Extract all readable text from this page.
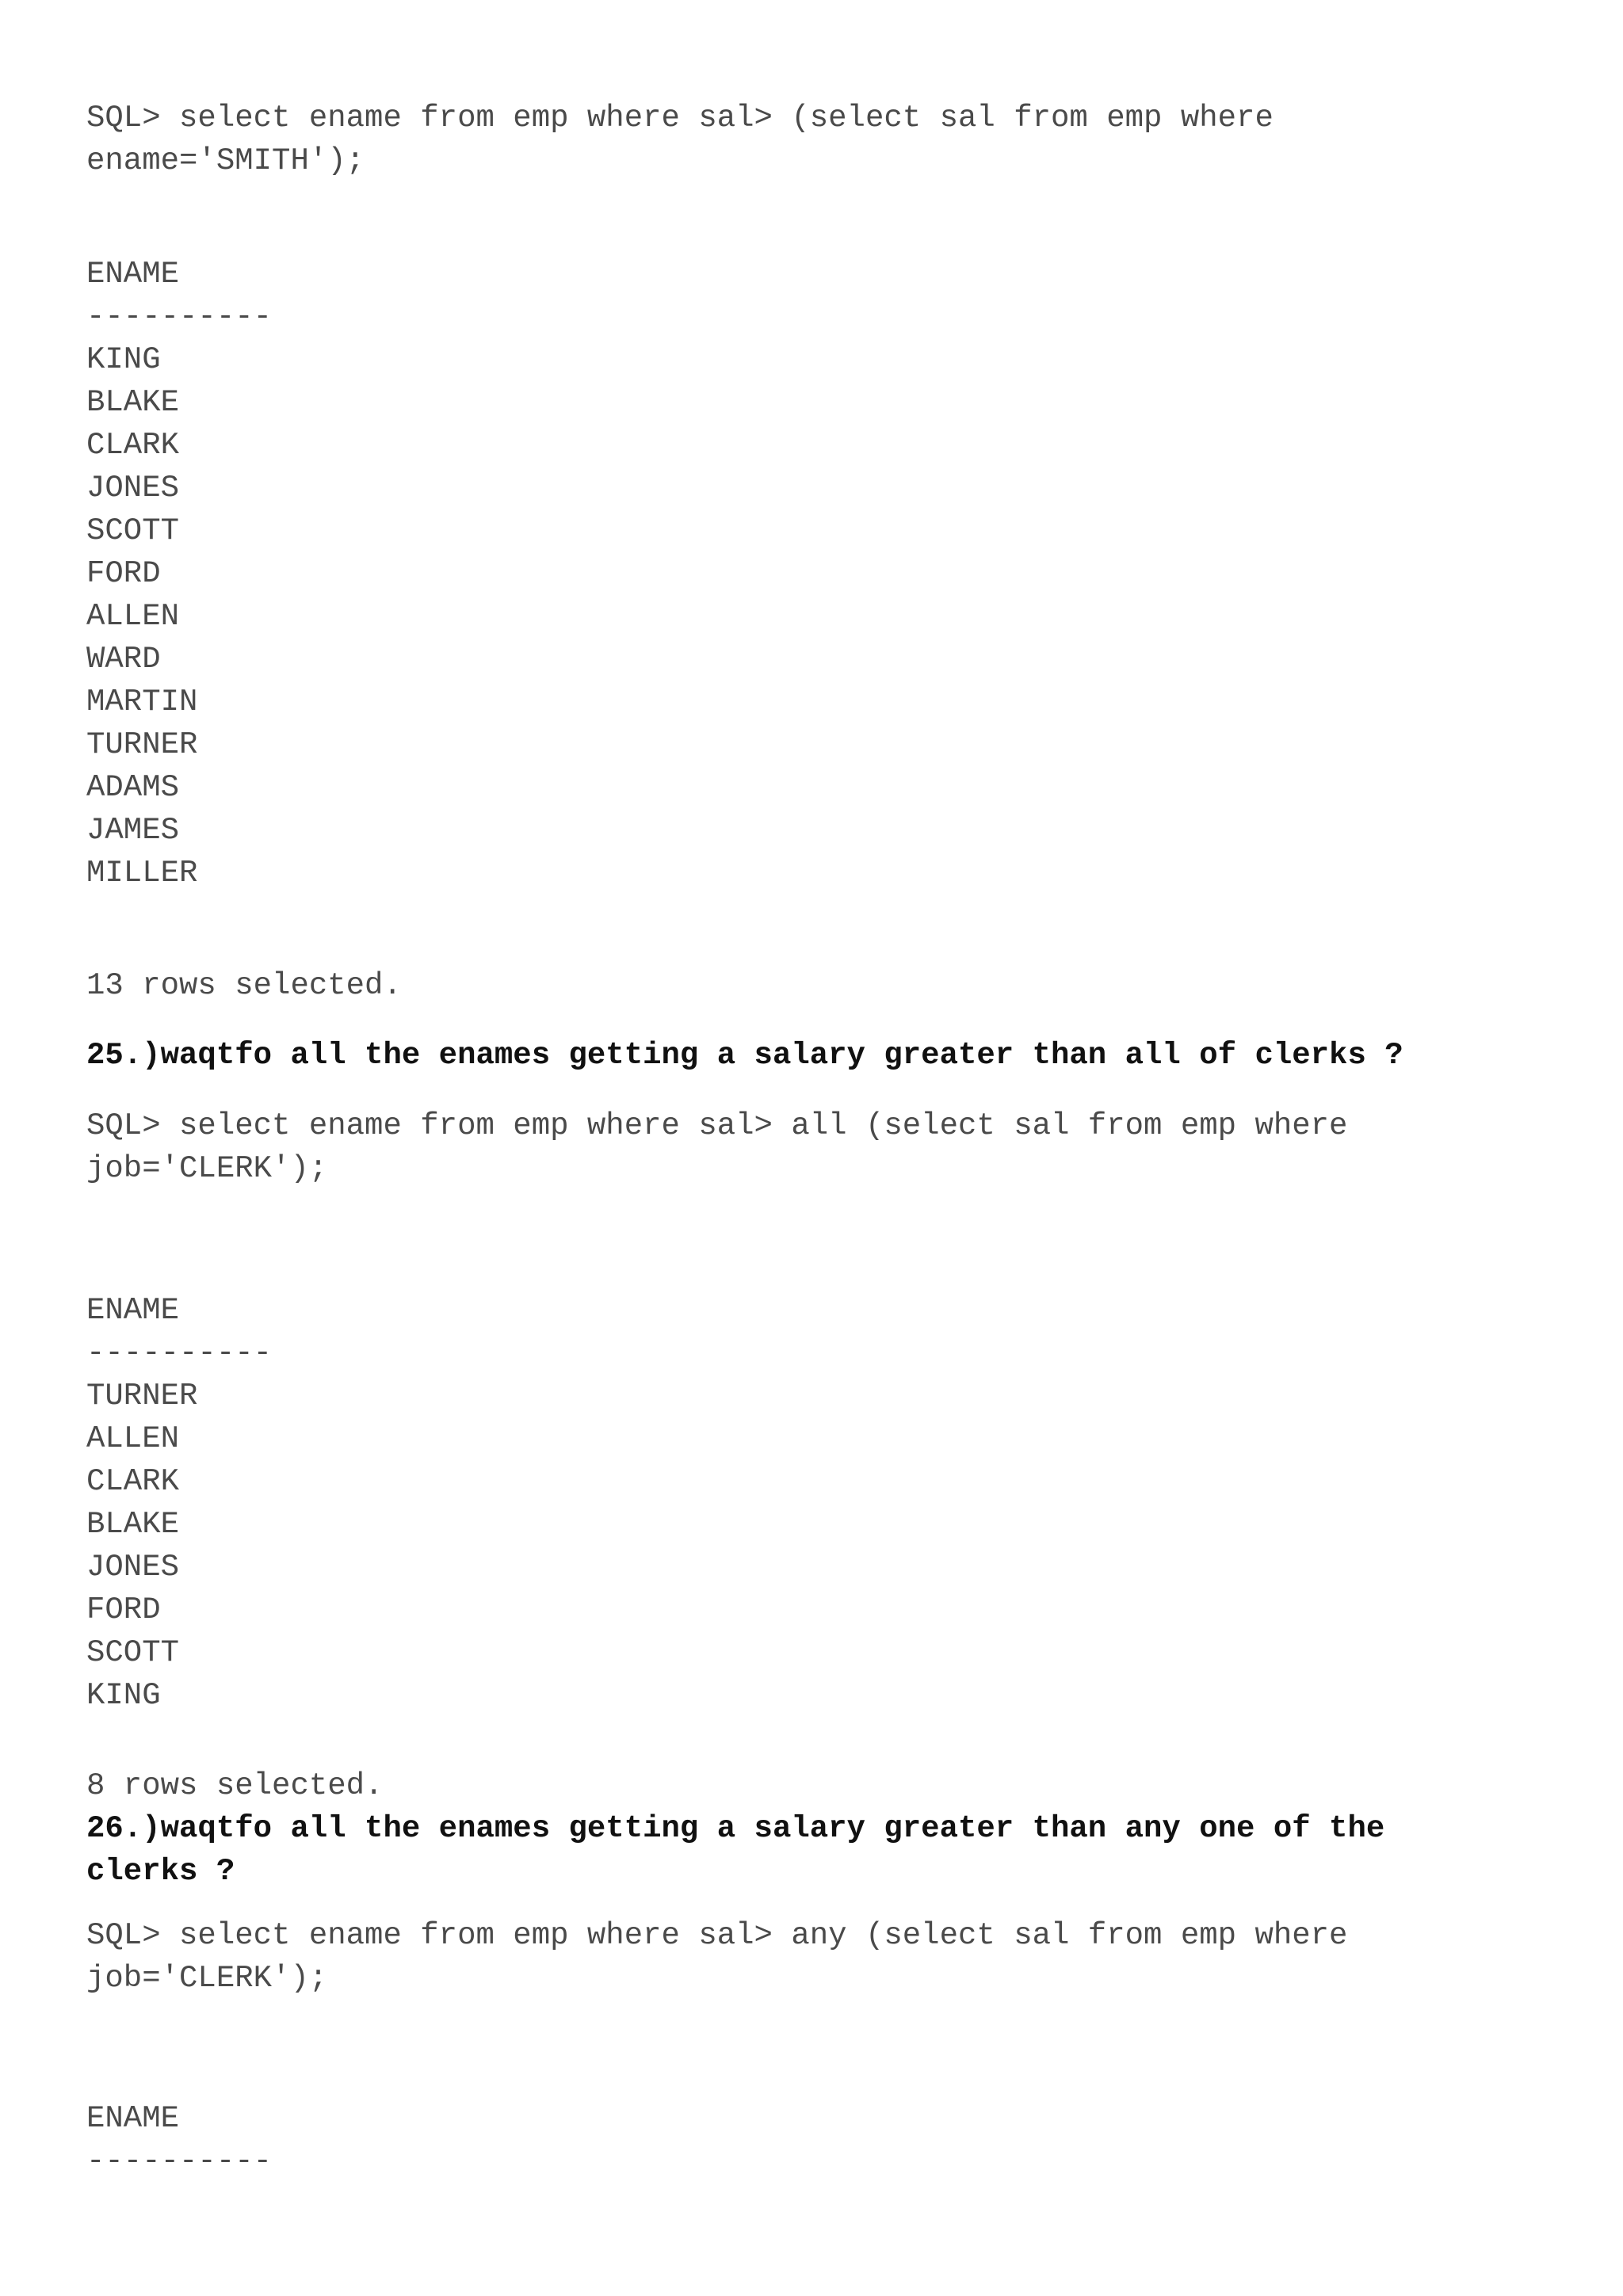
SQL> select ename from emp where sal> (select sal from emp where
ename='SMITH');
ENAME
----------
KING
BLAKE
CLARK
JONES
SCOTT
FORD
ALLEN
WARD
MARTIN
TURNER
ADAMS
JAMES
MILLER
13 rows selected.
25.)waqtfo all the enames getting a salary greater than all of clerks ?
SQL> select ename from emp where sal> all (select sal from emp where
job='CLERK');
ENAME
----------
TURNER
ALLEN
CLARK
BLAKE
JONES
FORD
SCOTT
KING
8 rows selected.
26.)waqtfo all the enames getting a salary greater than any one of the
clerks ?
SQL> select ename from emp where sal> any (select sal from emp where
job='CLERK');
ENAME
----------
